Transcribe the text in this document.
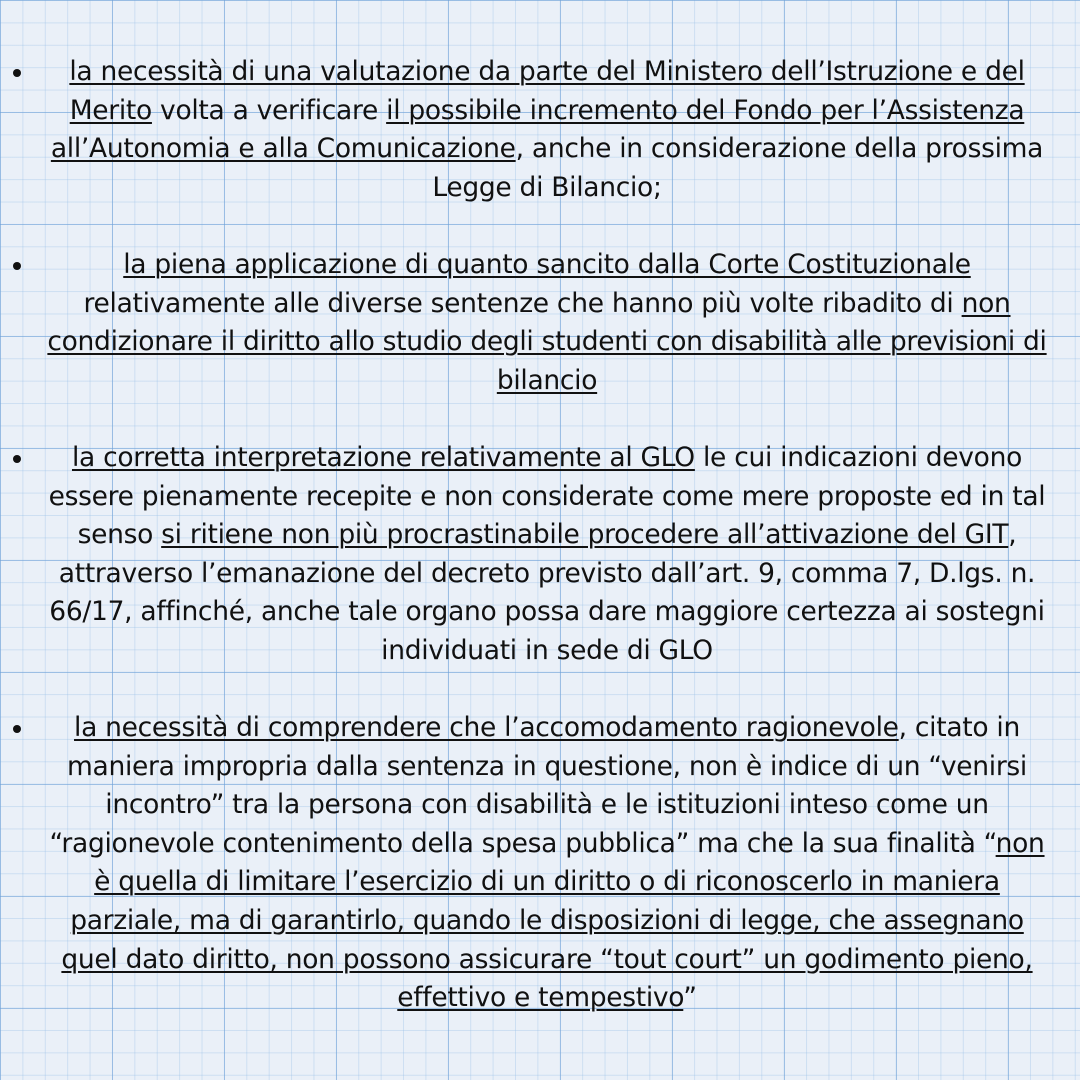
la necessità di una valutazione da parte del Ministero dell’Istruzione e del Merito volta a verificare il possibile incremento del Fondo per l’Assistenza all’Autonomia e alla Comunicazione, anche in considerazione della prossima Legge di Bilancio;
la piena applicazione di quanto sancito dalla Corte Costituzionale relativamente alle diverse sentenze che hanno più volte ribadito di non condizionare il diritto allo studio degli studenti con disabilità alle previsioni di bilancio
la corretta interpretazione relativamente al GLO le cui indicazioni devono essere pienamente recepite e non considerate come mere proposte ed in tal senso si ritiene non più procrastinabile procedere all’attivazione del GIT, attraverso l’emanazione del decreto previsto dall’art. 9, comma 7, D.lgs. n. 66/17, affinché, anche tale organo possa dare maggiore certezza ai sostegni individuati in sede di GLO
la necessità di comprendere che l’accomodamento ragionevole, citato in maniera impropria dalla sentenza in questione, non è indice di un “venirsi incontro” tra la persona con disabilità e le istituzioni inteso come un “ragionevole contenimento della spesa pubblica” ma che la sua finalità “non è quella di limitare l’esercizio di un diritto o di riconoscerlo in maniera parziale, ma di garantirlo, quando le disposizioni di legge, che assegnano quel dato diritto, non possono assicurare “tout court” un godimento pieno, effettivo e tempestivo”
